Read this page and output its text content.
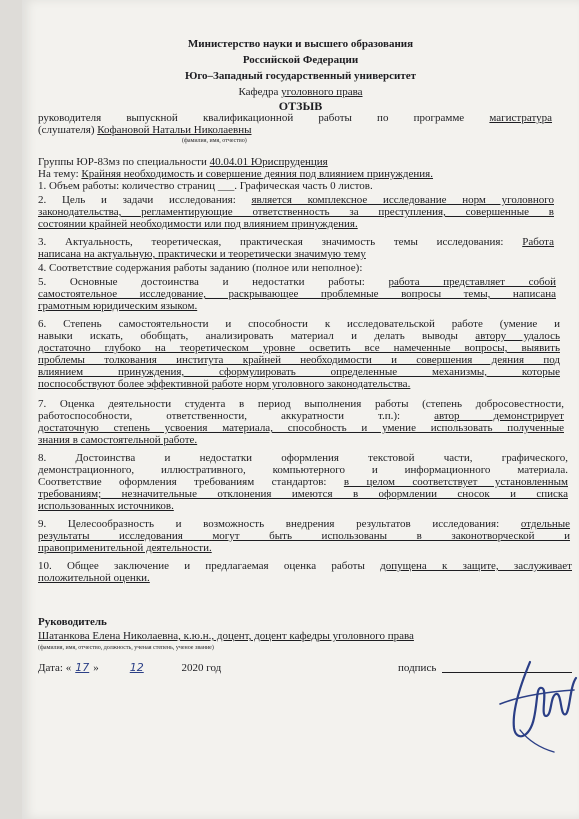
Министерство науки и высшего образования
Российской Федерации
Юго–Западный государственный университет
Кафедра уголовного права
ОТЗЫВ
руководителя выпускной квалификационной работы по программе магистратура
(слушателя) Кофановой Натальи Николаевны
(фамилия, имя, отчество)
Группы ЮР-83мз по специальности 40.04.01 Юриспруденция
На тему: Крайняя необходимость и совершение деяния под влиянием принуждения.
1. Объем работы: количество страниц ___. Графическая часть 0 листов.
2. Цель и задачи исследования: является комплексное исследование норм уголовного
законодательства, регламентирующие ответственность за преступления, совершенные в
состоянии крайней необходимости или под влиянием принуждения.
3. Актуальность, теоретическая, практическая значимость темы исследования: Работа
написана на актуальную, практически и теоретически значимую тему
4. Соответствие содержания работы заданию (полное или неполное):
5. Основные достоинства и недостатки работы: работа представляет собой
самостоятельное исследование, раскрывающее проблемные вопросы темы, написана
грамотным юридическим языком.
6. Степень самостоятельности и способности к исследовательской работе (умение и
навыки искать, обобщать, анализировать материал и делать выводы автору удалось
достаточно глубоко на теоретическом уровне осветить все намеченные вопросы, выявить
проблемы толкования института крайней необходимости и совершения деяния под
влиянием принуждения, сформулировать определенные механизмы, которые
поспособствуют более эффективной работе норм уголовного законодательства.
7. Оценка деятельности студента в период выполнения работы (степень добросовестности,
работоспособности, ответственности, аккуратности т.п.):	автор демонстрирует
достаточную степень усвоения материала, способность и умение использовать полученные
знания в самостоятельной работе.
8. Достоинства и недостатки оформления текстовой части, графического,
демонстрационного, иллюстративного, компьютерного и информационного материала.
Соответствие оформления требованиям стандартов: в целом соответствует установленным
требованиям; незначительные отклонения имеются в оформлении сносок и списка
использованных источников.
9. Целесообразность и возможность внедрения результатов исследования: отдельные
результаты исследования могут быть использованы в законотворческой и
правоприменительной деятельности.
10. Общее заключение и предлагаемая оценка работы допущена к защите, заслуживает
положительной оценки.
Руководитель
Шатанкова Елена Николаевна, к.ю.н., доцент, доцент кафедры уголовного права
(фамилия, имя, отчество, должность, ученая степень, ученое звание)
Дата: « 17 »	12	2020 год	подпись
